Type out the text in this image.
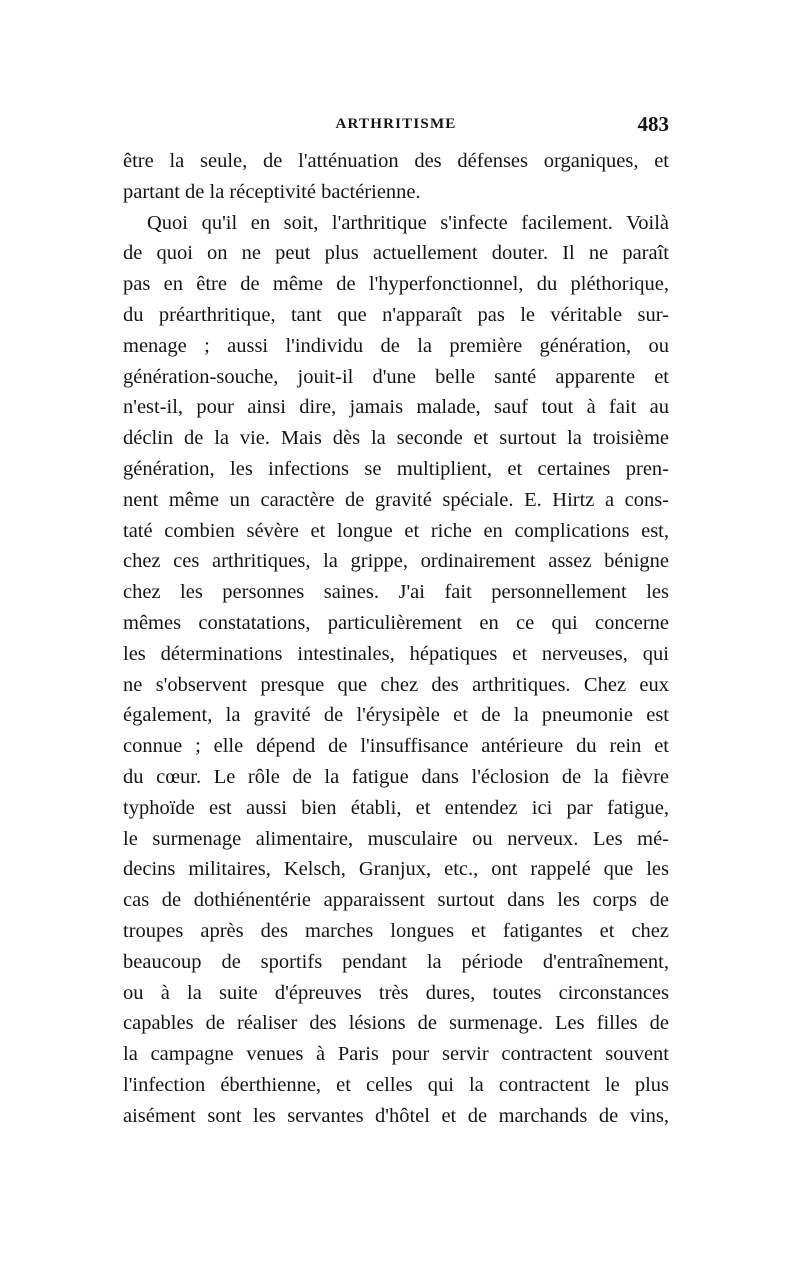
ARTHRITISME	483
être la seule, de l'atténuation des défenses organiques, et
partant de la réceptivité bactérienne.
Quoi qu'il en soit, l'arthritique s'infecte facilement. Voilà
de quoi on ne peut plus actuellement douter. Il ne paraît
pas en être de même de l'hyperfonctionnel, du pléthorique,
du préarthritique, tant que n'apparaît pas le véritable sur-
menage ; aussi l'individu de la première génération, ou
génération-souche, jouit-il d'une belle santé apparente et
n'est-il, pour ainsi dire, jamais malade, sauf tout à fait au
déclin de la vie. Mais dès la seconde et surtout la troisième
génération, les infections se multiplient, et certaines pren-
nent même un caractère de gravité spéciale. E. Hirtz a cons-
taté combien sévère et longue et riche en complications est,
chez ces arthritiques, la grippe, ordinairement assez bénigne
chez les personnes saines. J'ai fait personnellement les
mêmes constatations, particulièrement en ce qui concerne
les déterminations intestinales, hépatiques et nerveuses, qui
ne s'observent presque que chez des arthritiques. Chez eux
également, la gravité de l'érysipèle et de la pneumonie est
connue ; elle dépend de l'insuffisance antérieure du rein et
du cœur. Le rôle de la fatigue dans l'éclosion de la fièvre
typhoïde est aussi bien établi, et entendez ici par fatigue,
le surmenage alimentaire, musculaire ou nerveux. Les mé-
decins militaires, Kelsch, Granjux, etc., ont rappelé que les
cas de dothiénentérie apparaissent surtout dans les corps de
troupes après des marches longues et fatigantes et chez
beaucoup de sportifs pendant la période d'entraînement,
ou à la suite d'épreuves très dures, toutes circonstances
capables de réaliser des lésions de surmenage. Les filles de
la campagne venues à Paris pour servir contractent souvent
l'infection éberthienne, et celles qui la contractent le plus
aisément sont les servantes d'hôtel et de marchands de vins,
